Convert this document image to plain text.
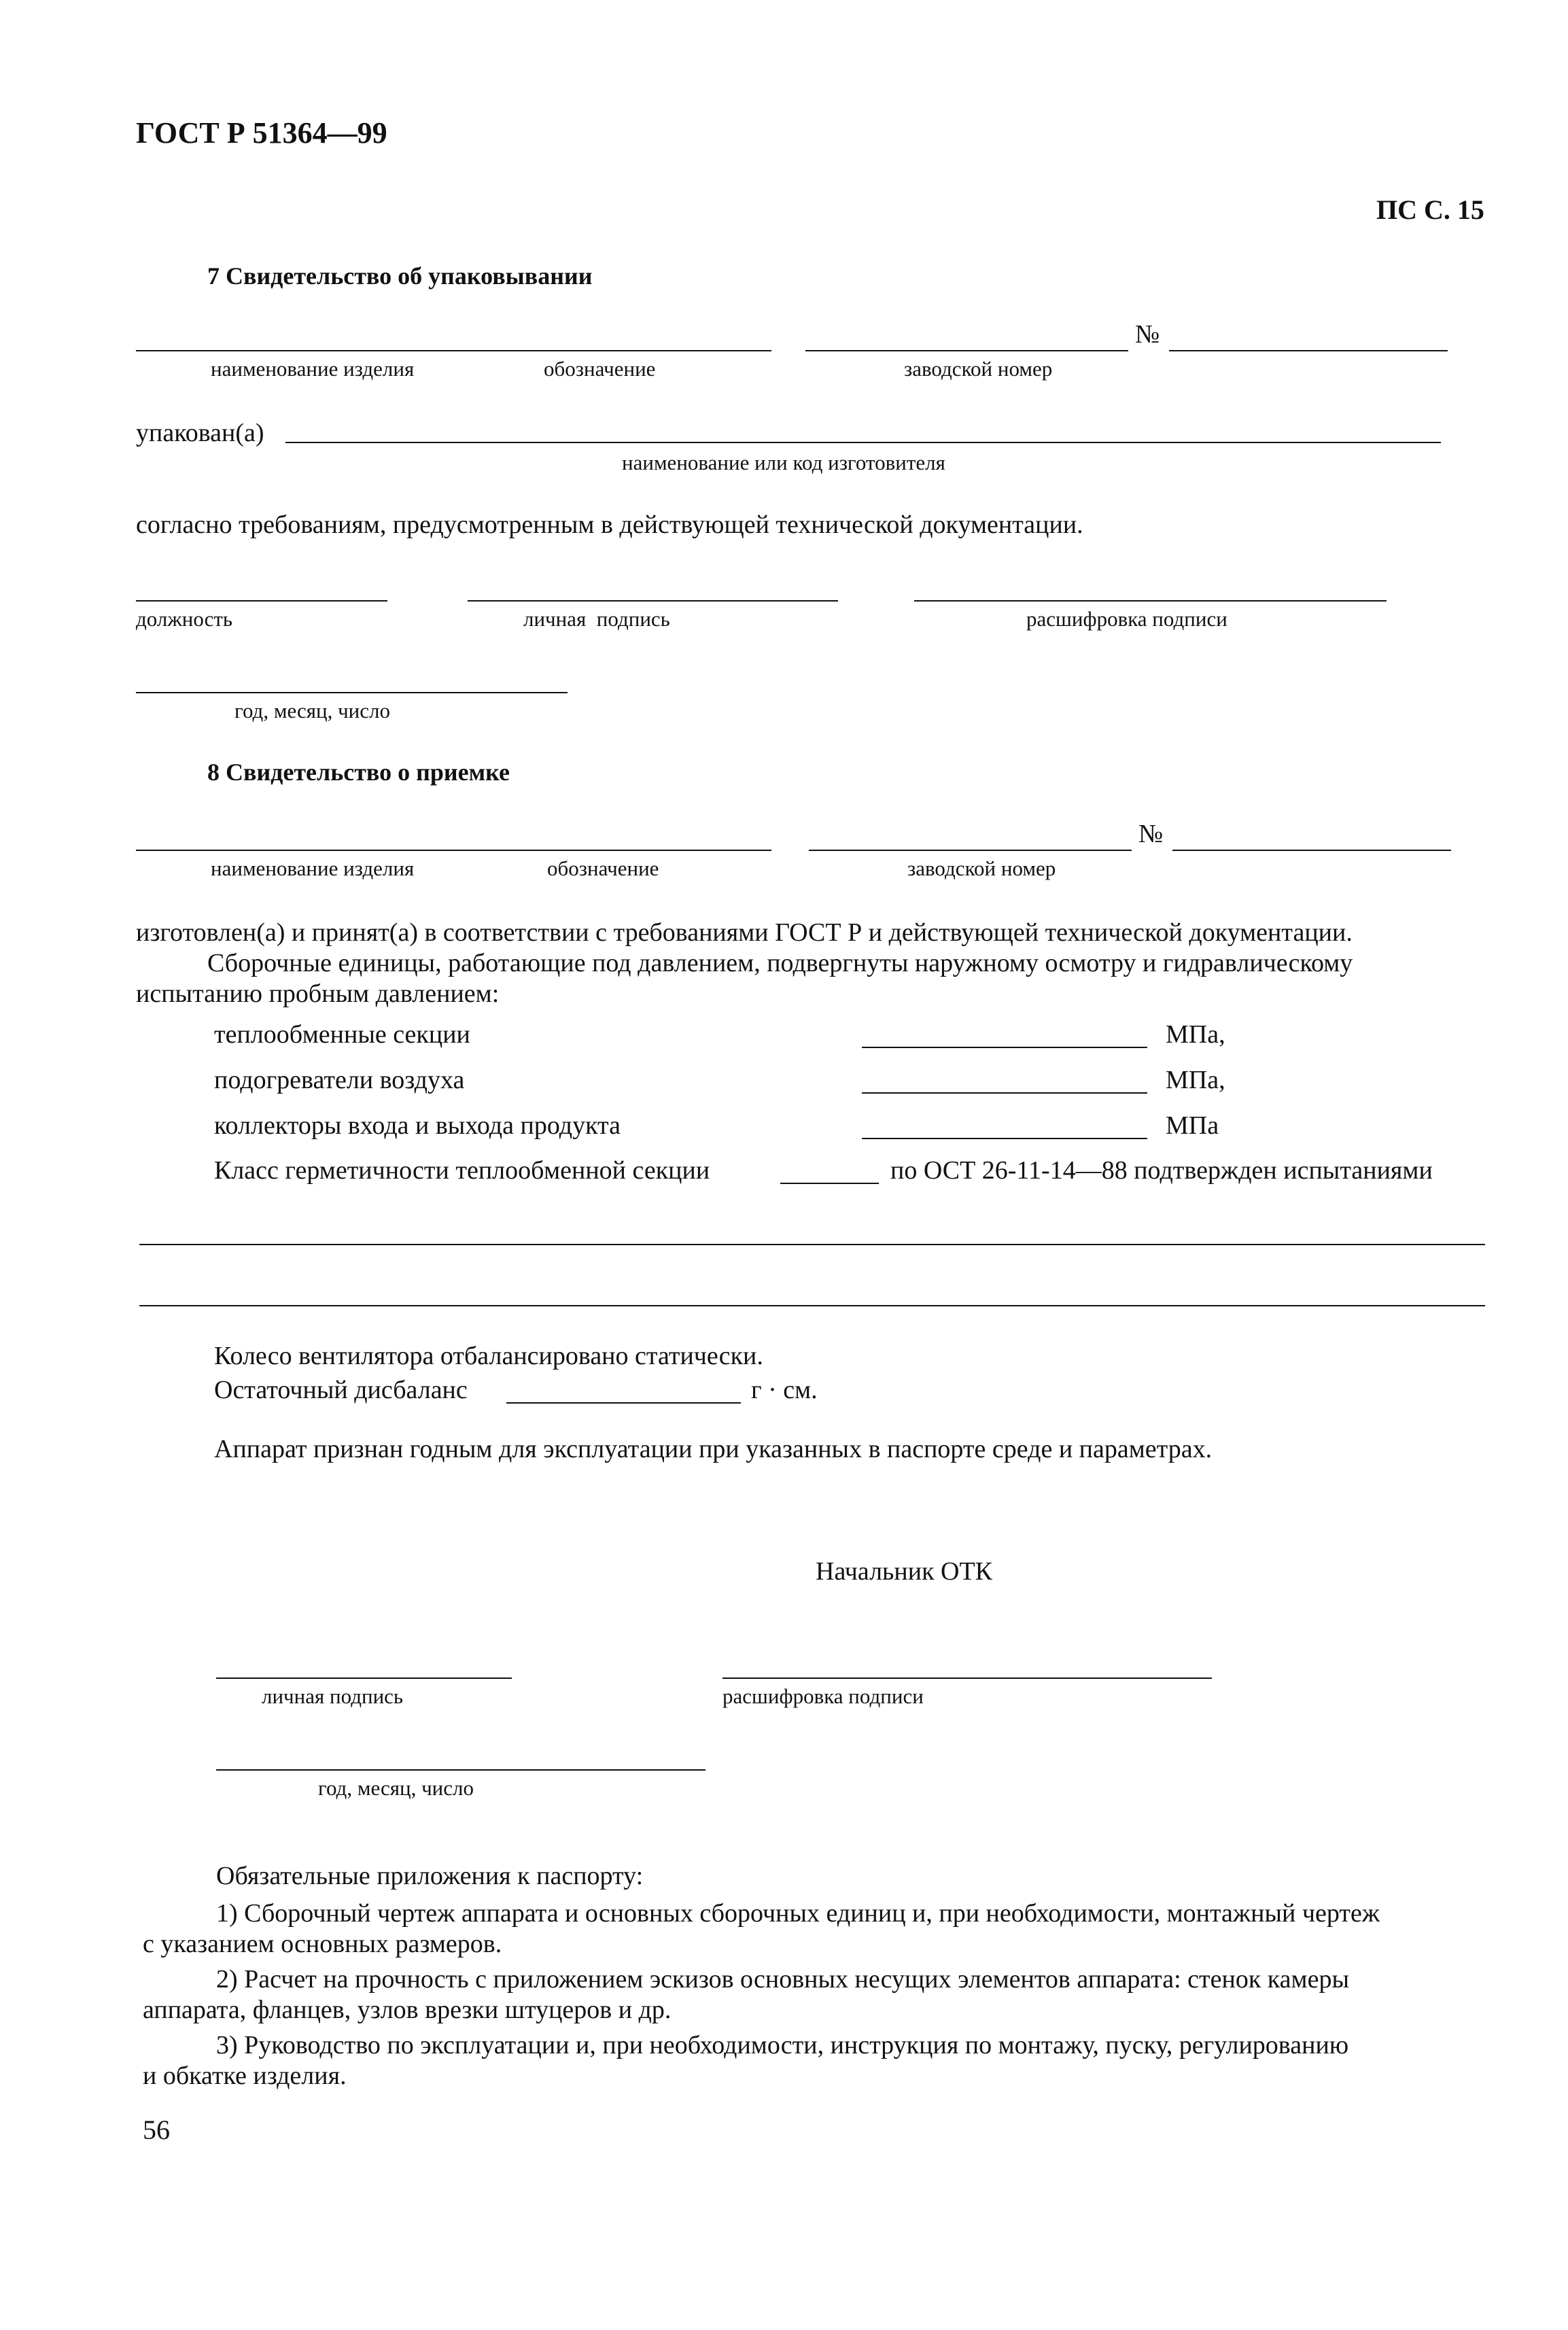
ГОСТ Р 51364—99
ПС С. 15
7 Свидетельство об упаковывании
№
наименование изделия	обозначение	заводской номер
упакован(а)
наименование или код изготовителя
согласно требованиям, предусмотренным в действующей технической документации.
должность	личная  подпись	расшифровка подписи
год, месяц, число
8 Свидетельство о приемке
№
наименование изделия	обозначение	заводской номер
изготовлен(а) и принят(а) в соответствии с требованиями ГОСТ Р и действующей технической документации.
Сборочные единицы, работающие под давлением, подвергнуты наружному осмотру и гидравлическому
испытанию пробным давлением:
теплообменные секции	МПа,
подогреватели воздуха	МПа,
коллекторы входа и выхода продукта	МПа
Класс герметичности теплообменной секции	по ОСТ 26-11-14—88 подтвержден испытаниями
Колесо вентилятора отбалансировано статически.
Остаточный дисбаланс	г · см.
Аппарат признан годным для эксплуатации при указанных в паспорте среде и параметрах.
Начальник ОТК
личная подпись	расшифровка подписи
год, месяц, число
Обязательные приложения к паспорту:
1) Сборочный чертеж аппарата и основных сборочных единиц и, при необходимости, монтажный чертеж
с указанием основных размеров.
2) Расчет на прочность с приложением эскизов основных несущих элементов аппарата: стенок камеры
аппарата, фланцев, узлов врезки штуцеров и др.
3) Руководство по эксплуатации и, при необходимости, инструкция по монтажу, пуску, регулированию
и обкатке изделия.
56
